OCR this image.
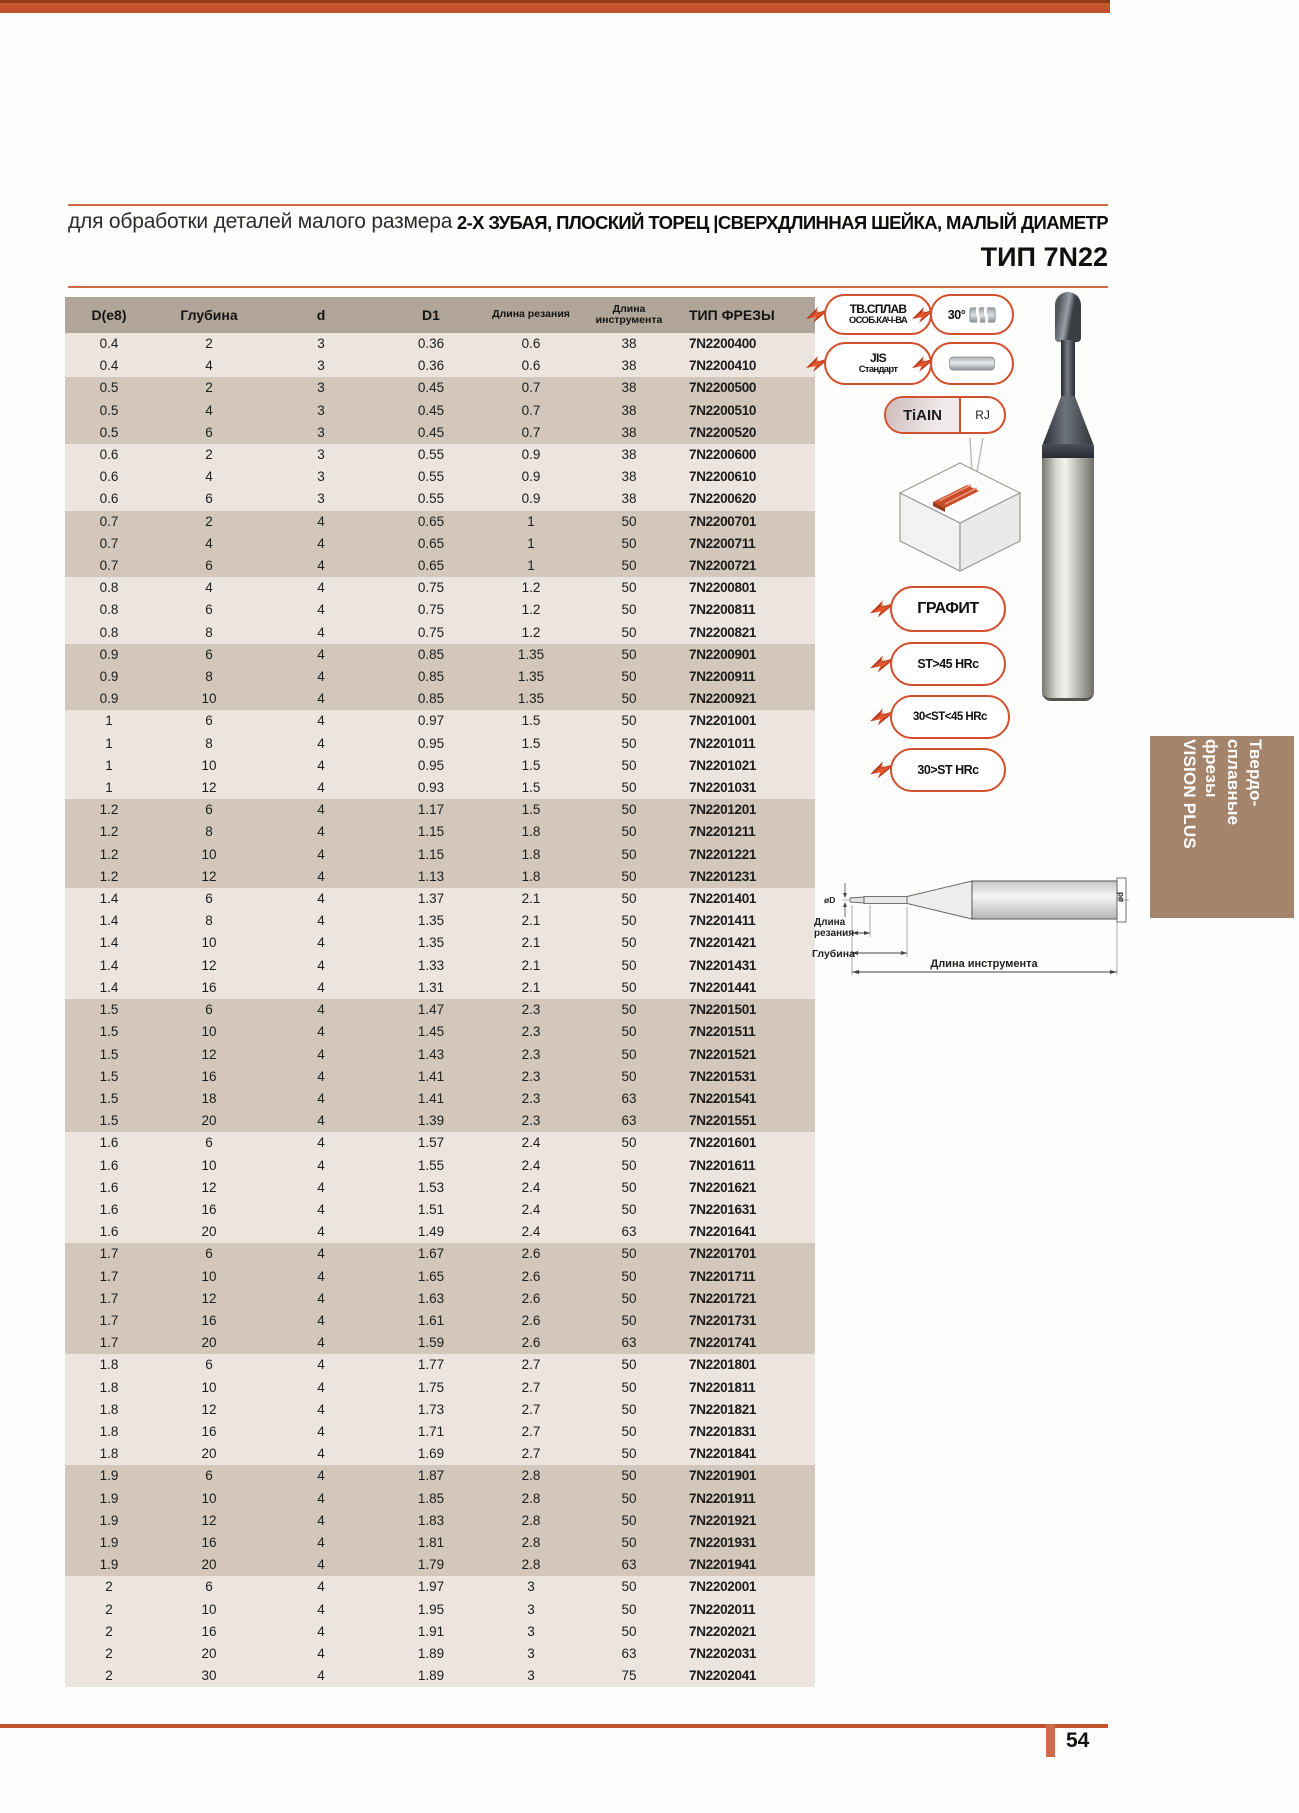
для обработки деталей малого размера 2-Х ЗУБАЯ, ПЛОСКИЙ ТОРЕЦ |СВЕРХДЛИННАЯ ШЕЙКА, МАЛЫЙ ДИАМЕТР
ТИП 7N22
D(e8)	Глубина	d	D1	Длина резания	Длина инструмента	ТИП ФРЕЗЫ
0.4	2	3	0.36	0.6	38	7N2200400
0.4	4	3	0.36	0.6	38	7N2200410
0.5	2	3	0.45	0.7	38	7N2200500
0.5	4	3	0.45	0.7	38	7N2200510
0.5	6	3	0.45	0.7	38	7N2200520
0.6	2	3	0.55	0.9	38	7N2200600
0.6	4	3	0.55	0.9	38	7N2200610
0.6	6	3	0.55	0.9	38	7N2200620
0.7	2	4	0.65	1	50	7N2200701
0.7	4	4	0.65	1	50	7N2200711
0.7	6	4	0.65	1	50	7N2200721
0.8	4	4	0.75	1.2	50	7N2200801
0.8	6	4	0.75	1.2	50	7N2200811
0.8	8	4	0.75	1.2	50	7N2200821
0.9	6	4	0.85	1.35	50	7N2200901
0.9	8	4	0.85	1.35	50	7N2200911
0.9	10	4	0.85	1.35	50	7N2200921
1	6	4	0.97	1.5	50	7N2201001
1	8	4	0.95	1.5	50	7N2201011
1	10	4	0.95	1.5	50	7N2201021
1	12	4	0.93	1.5	50	7N2201031
1.2	6	4	1.17	1.5	50	7N2201201
1.2	8	4	1.15	1.8	50	7N2201211
1.2	10	4	1.15	1.8	50	7N2201221
1.2	12	4	1.13	1.8	50	7N2201231
1.4	6	4	1.37	2.1	50	7N2201401
1.4	8	4	1.35	2.1	50	7N2201411
1.4	10	4	1.35	2.1	50	7N2201421
1.4	12	4	1.33	2.1	50	7N2201431
1.4	16	4	1.31	2.1	50	7N2201441
1.5	6	4	1.47	2.3	50	7N2201501
1.5	10	4	1.45	2.3	50	7N2201511
1.5	12	4	1.43	2.3	50	7N2201521
1.5	16	4	1.41	2.3	50	7N2201531
1.5	18	4	1.41	2.3	63	7N2201541
1.5	20	4	1.39	2.3	63	7N2201551
1.6	6	4	1.57	2.4	50	7N2201601
1.6	10	4	1.55	2.4	50	7N2201611
1.6	12	4	1.53	2.4	50	7N2201621
1.6	16	4	1.51	2.4	50	7N2201631
1.6	20	4	1.49	2.4	63	7N2201641
1.7	6	4	1.67	2.6	50	7N2201701
1.7	10	4	1.65	2.6	50	7N2201711
1.7	12	4	1.63	2.6	50	7N2201721
1.7	16	4	1.61	2.6	50	7N2201731
1.7	20	4	1.59	2.6	63	7N2201741
1.8	6	4	1.77	2.7	50	7N2201801
1.8	10	4	1.75	2.7	50	7N2201811
1.8	12	4	1.73	2.7	50	7N2201821
1.8	16	4	1.71	2.7	50	7N2201831
1.8	20	4	1.69	2.7	50	7N2201841
1.9	6	4	1.87	2.8	50	7N2201901
1.9	10	4	1.85	2.8	50	7N2201911
1.9	12	4	1.83	2.8	50	7N2201921
1.9	16	4	1.81	2.8	50	7N2201931
1.9	20	4	1.79	2.8	63	7N2201941
2	6	4	1.97	3	50	7N2202001
2	10	4	1.95	3	50	7N2202011
2	16	4	1.91	3	50	7N2202021
2	20	4	1.89	3	63	7N2202031
2	30	4	1.89	3	75	7N2202041
ТВ.СПЛАВ
ОСОБ.КАЧ-ВА	30°
JIS
Стандарт
TiAIN	RJ
ГРАФИТ
ST>45 HRc
30<ST<45 HRc
30>ST HRc	Твердо-
сплавные
фрезы
VISION PLUS
ød
øD
Длина
резания
Глубина
Длина инструмента
54
